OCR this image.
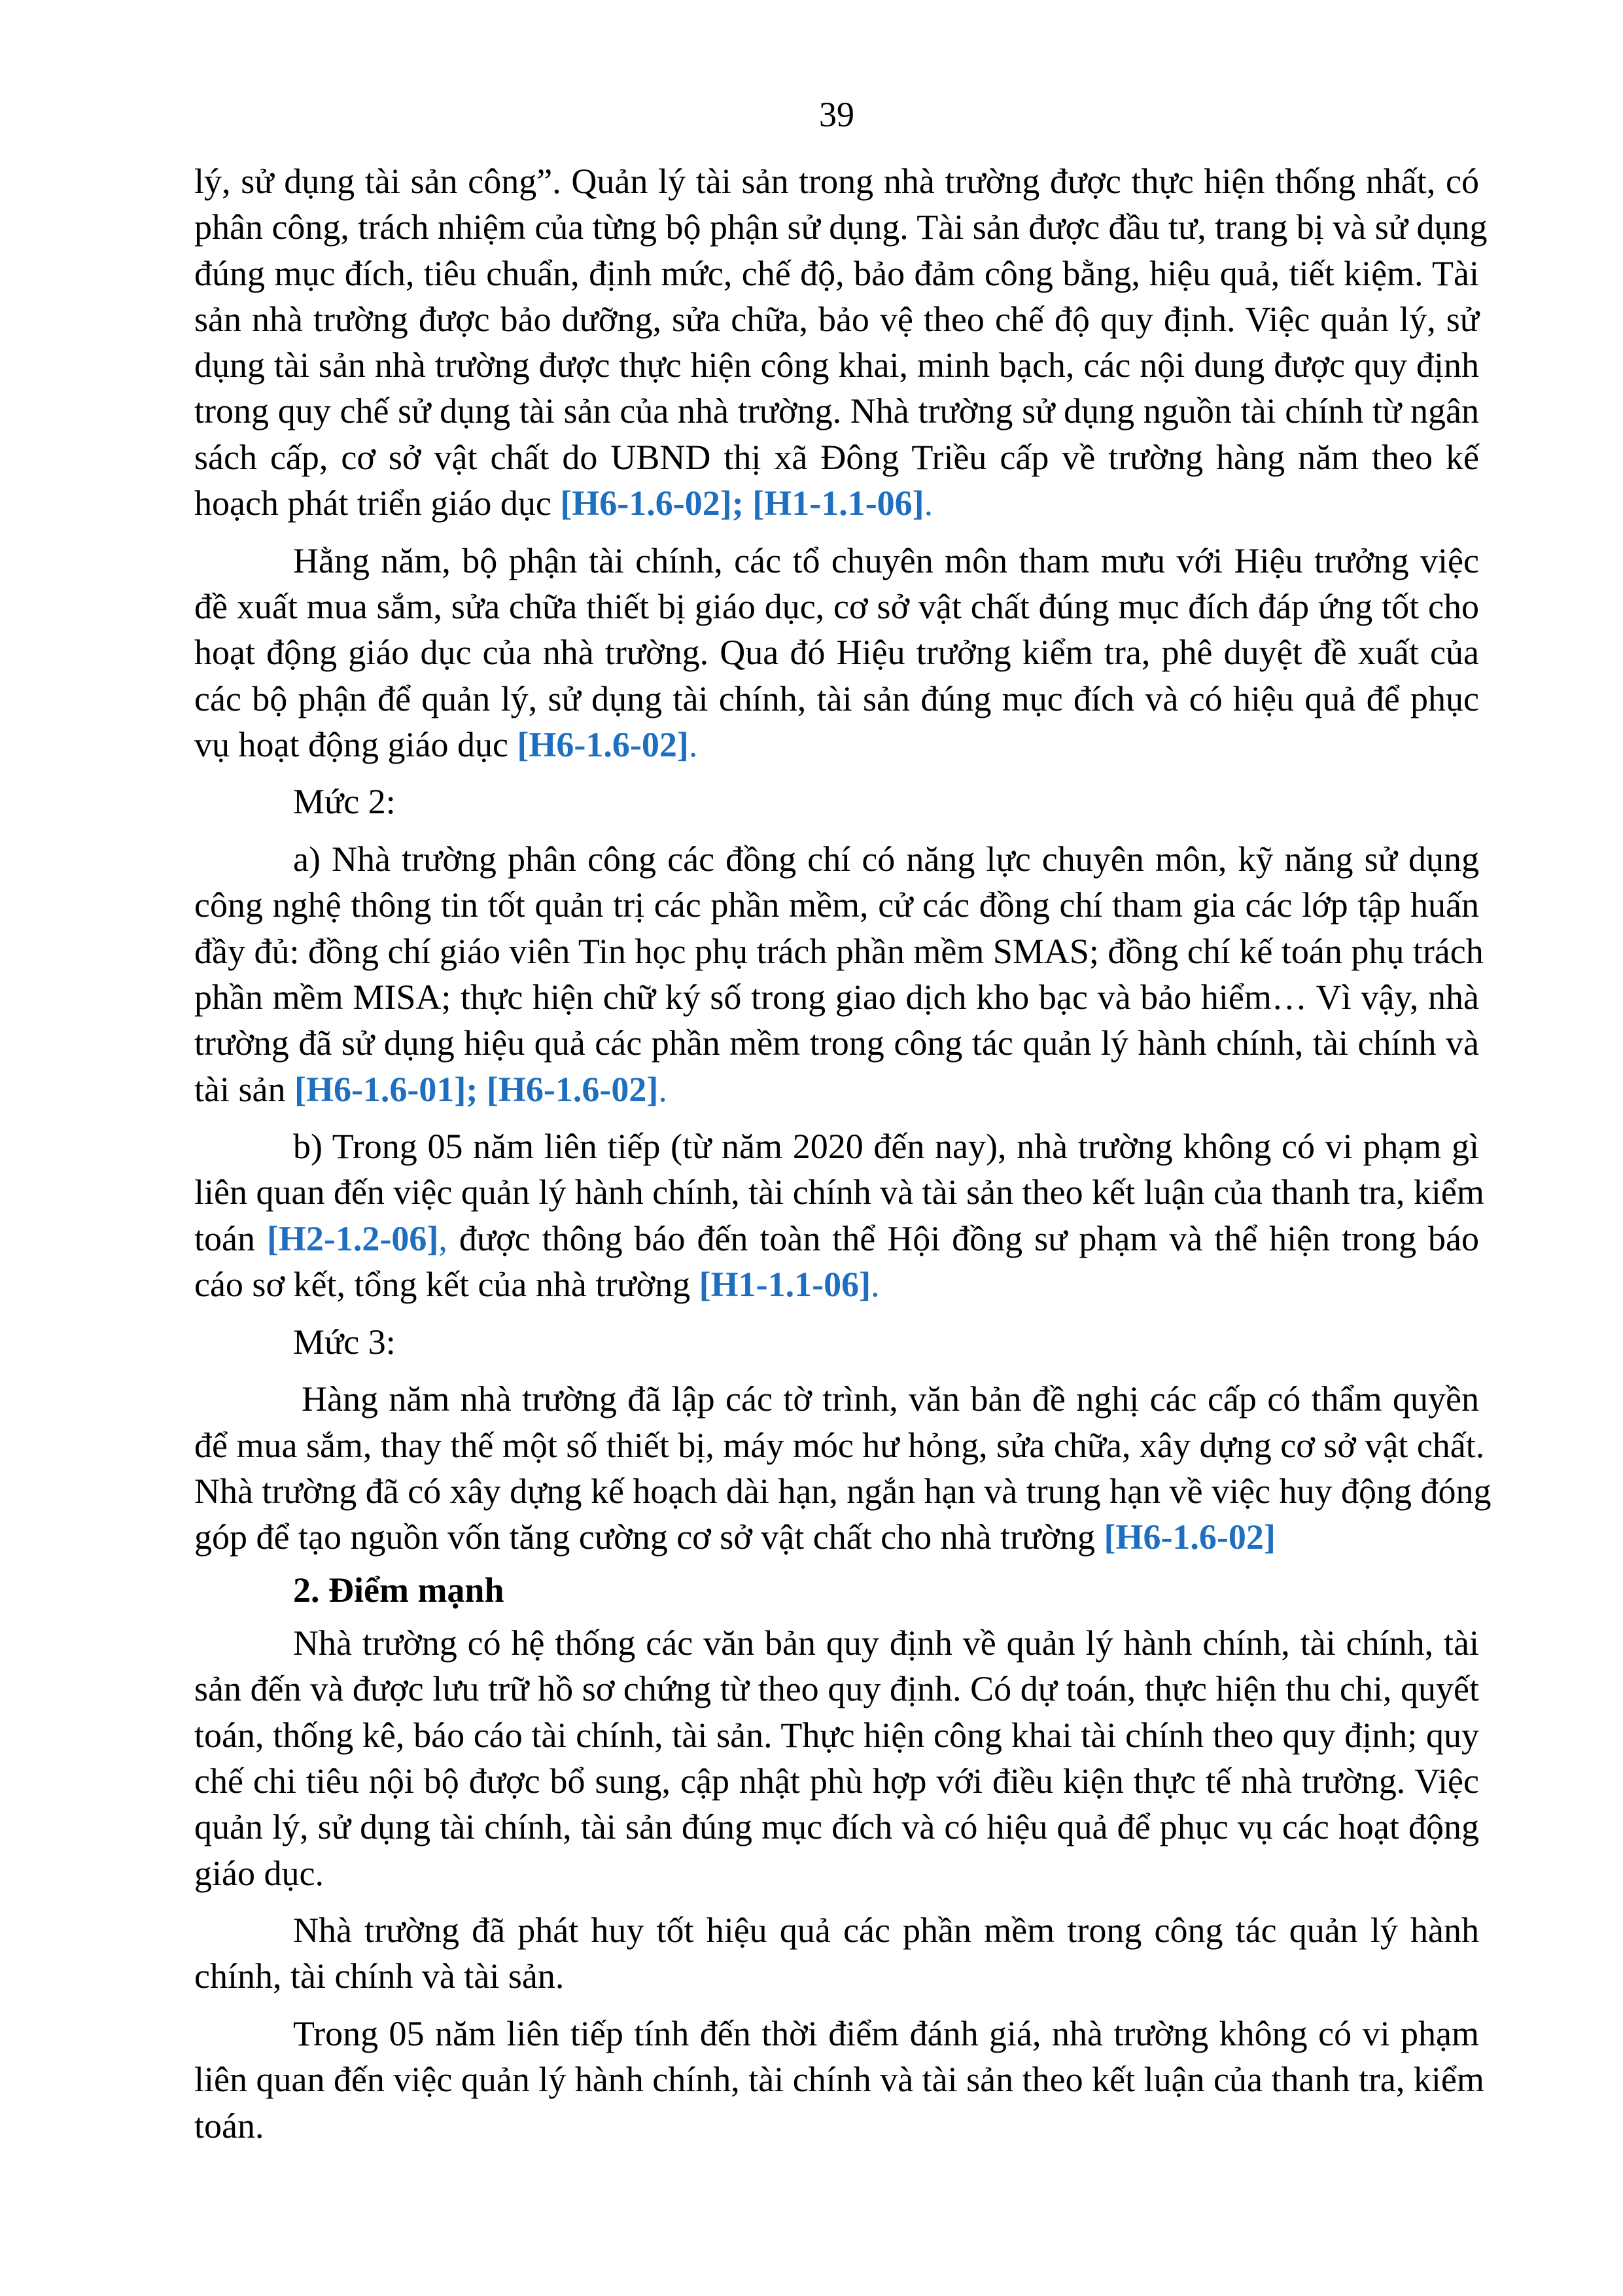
39
lý, sử dụng tài sản công”. Quản lý tài sản trong nhà trường được thực hiện thống nhất, có
phân công, trách nhiệm của từng bộ phận sử dụng. Tài sản được đầu tư, trang bị và sử dụng
đúng mục đích, tiêu chuẩn, định mức, chế độ, bảo đảm công bằng, hiệu quả, tiết kiệm. Tài
sản nhà trường được bảo dưỡng, sửa chữa, bảo vệ theo chế độ quy định. Việc quản lý, sử
dụng tài sản nhà trường được thực hiện công khai, minh bạch, các nội dung được quy định
trong quy chế sử dụng tài sản của nhà trường. Nhà trường sử dụng nguồn tài chính từ ngân
sách cấp, cơ sở vật chất do UBND thị xã Đông Triều cấp về trường hàng năm theo kế
hoạch phát triển giáo dục [H6-1.6-02]; [H1-1.1-06].
Hằng năm, bộ phận tài chính, các tổ chuyên môn tham mưu với Hiệu trưởng việc
đề xuất mua sắm, sửa chữa thiết bị giáo dục, cơ sở vật chất đúng mục đích đáp ứng tốt cho
hoạt động giáo dục của nhà trường. Qua đó Hiệu trưởng kiểm tra, phê duyệt đề xuất của
các bộ phận để quản lý, sử dụng tài chính, tài sản đúng mục đích và có hiệu quả để phục
vụ hoạt động giáo dục [H6-1.6-02].
Mức 2:
a) Nhà trường phân công các đồng chí có năng lực chuyên môn, kỹ năng sử dụng
công nghệ thông tin tốt quản trị các phần mềm, cử các đồng chí tham gia các lớp tập huấn
đầy đủ: đồng chí giáo viên Tin học phụ trách phần mềm SMAS; đồng chí kế toán phụ trách
phần mềm MISA; thực hiện chữ ký số trong giao dịch kho bạc và bảo hiểm… Vì vậy, nhà
trường đã sử dụng hiệu quả các phần mềm trong công tác quản lý hành chính, tài chính và
tài sản [H6-1.6-01]; [H6-1.6-02].
b) Trong 05 năm liên tiếp (từ năm 2020 đến nay), nhà trường không có vi phạm gì
liên quan đến việc quản lý hành chính, tài chính và tài sản theo kết luận của thanh tra, kiểm
toán [H2-1.2-06], được thông báo đến toàn thể Hội đồng sư phạm và thể hiện trong báo
cáo sơ kết, tổng kết của nhà trường [H1-1.1-06].
Mức 3:
Hàng năm nhà trường đã lập các tờ trình, văn bản đề nghị các cấp có thẩm quyền
để mua sắm, thay thế một số thiết bị, máy móc hư hỏng, sửa chữa, xây dựng cơ sở vật chất.
Nhà trường đã có xây dựng kế hoạch dài hạn, ngắn hạn và trung hạn về việc huy động đóng
góp để tạo nguồn vốn tăng cường cơ sở vật chất cho nhà trường [H6-1.6-02]
2. Điểm mạnh
Nhà trường có hệ thống các văn bản quy định về quản lý hành chính, tài chính, tài
sản đến và được lưu trữ hồ sơ chứng từ theo quy định. Có dự toán, thực hiện thu chi, quyết
toán, thống kê, báo cáo tài chính, tài sản. Thực hiện công khai tài chính theo quy định; quy
chế chi tiêu nội bộ được bổ sung, cập nhật phù hợp với điều kiện thực tế nhà trường. Việc
quản lý, sử dụng tài chính, tài sản đúng mục đích và có hiệu quả để phục vụ các hoạt động
giáo dục.
Nhà trường đã phát huy tốt hiệu quả các phần mềm trong công tác quản lý hành
chính, tài chính và tài sản.
Trong 05 năm liên tiếp tính đến thời điểm đánh giá, nhà trường không có vi phạm
liên quan đến việc quản lý hành chính, tài chính và tài sản theo kết luận của thanh tra, kiểm
toán.
